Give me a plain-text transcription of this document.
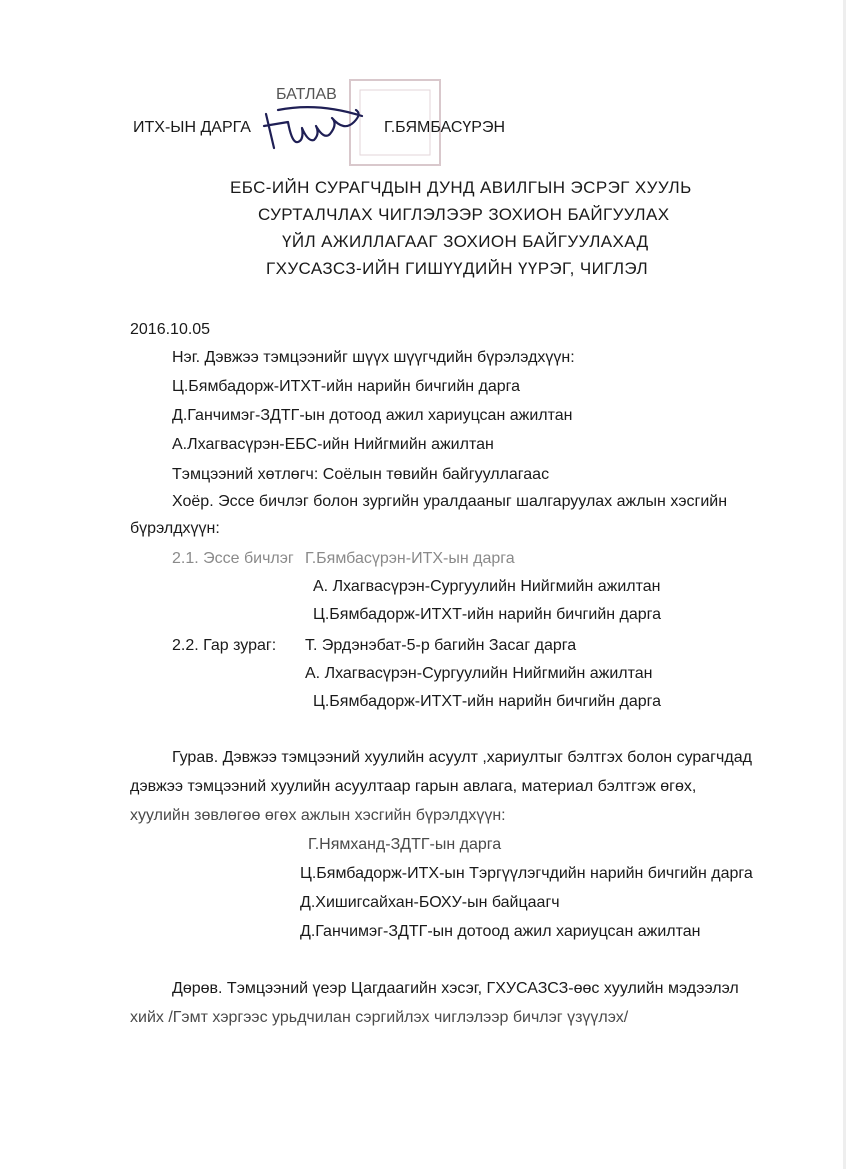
БАТЛАВ
ИТХ-ЫН ДАРГА	Г.БЯМБАСҮРЭН
ЕБС-ИЙН СУРАГЧДЫН ДУНД АВИЛГЫН ЭСРЭГ ХУУЛЬ
СУРТАЛЧЛАХ ЧИГЛЭЛЭЭР ЗОХИОН БАЙГУУЛАХ
ҮЙЛ АЖИЛЛАГААГ ЗОХИОН БАЙГУУЛАХАД
ГХУСАЗСЗ-ИЙН ГИШҮҮДИЙН ҮҮРЭГ, ЧИГЛЭЛ
2016.10.05
Нэг. Дэвжээ тэмцээнийг шүүх шүүгчдийн бүрэлэдхүүн:
Ц.Бямбадорж-ИТХТ-ийн нарийн бичгийн дарга
Д.Ганчимэг-ЗДТГ-ын дотоод ажил хариуцсан ажилтан
А.Лхагвасүрэн-ЕБС-ийн Нийгмийн ажилтан
Тэмцээний хөтлөгч: Соёлын төвийн байгууллагаас
Хоёр. Эссе бичлэг болон зургийн уралдааныг шалгаруулах ажлын хэсгийн
бүрэлдхүүн:
2.1. Эссе бичлэг Г.Бямбасүрэн-ИТХ-ын дарга
А. Лхагвасүрэн-Сургуулийн Нийгмийн ажилтан
Ц.Бямбадорж-ИТХТ-ийн нарийн бичгийн дарга
2.2. Гар зураг: Т. Эрдэнэбат-5-р багийн Засаг дарга
А. Лхагвасүрэн-Сургуулийн Нийгмийн ажилтан
Ц.Бямбадорж-ИТХТ-ийн нарийн бичгийн дарга
Гурав. Дэвжээ тэмцээний хуулийн асуулт ,хариултыг бэлтгэх болон сурагчдад
дэвжээ тэмцээний хуулийн асуултаар гарын авлага, материал бэлтгэж өгөх,
хуулийн зөвлөгөө өгөх ажлын хэсгийн бүрэлдхүүн:
Г.Нямханд-ЗДТГ-ын дарга
Ц.Бямбадорж-ИТХ-ын Тэргүүлэгчдийн нарийн бичгийн дарга
Д.Хишигсайхан-БОХУ-ын байцаагч
Д.Ганчимэг-ЗДТГ-ын дотоод ажил хариуцсан ажилтан
Дөрөв. Тэмцээний үеэр Цагдаагийн хэсэг, ГХУСАЗСЗ-өөс хуулийн мэдээлэл
хийх /Гэмт хэргээс урьдчилан сэргийлэх чиглэлээр бичлэг үзүүлэх/
